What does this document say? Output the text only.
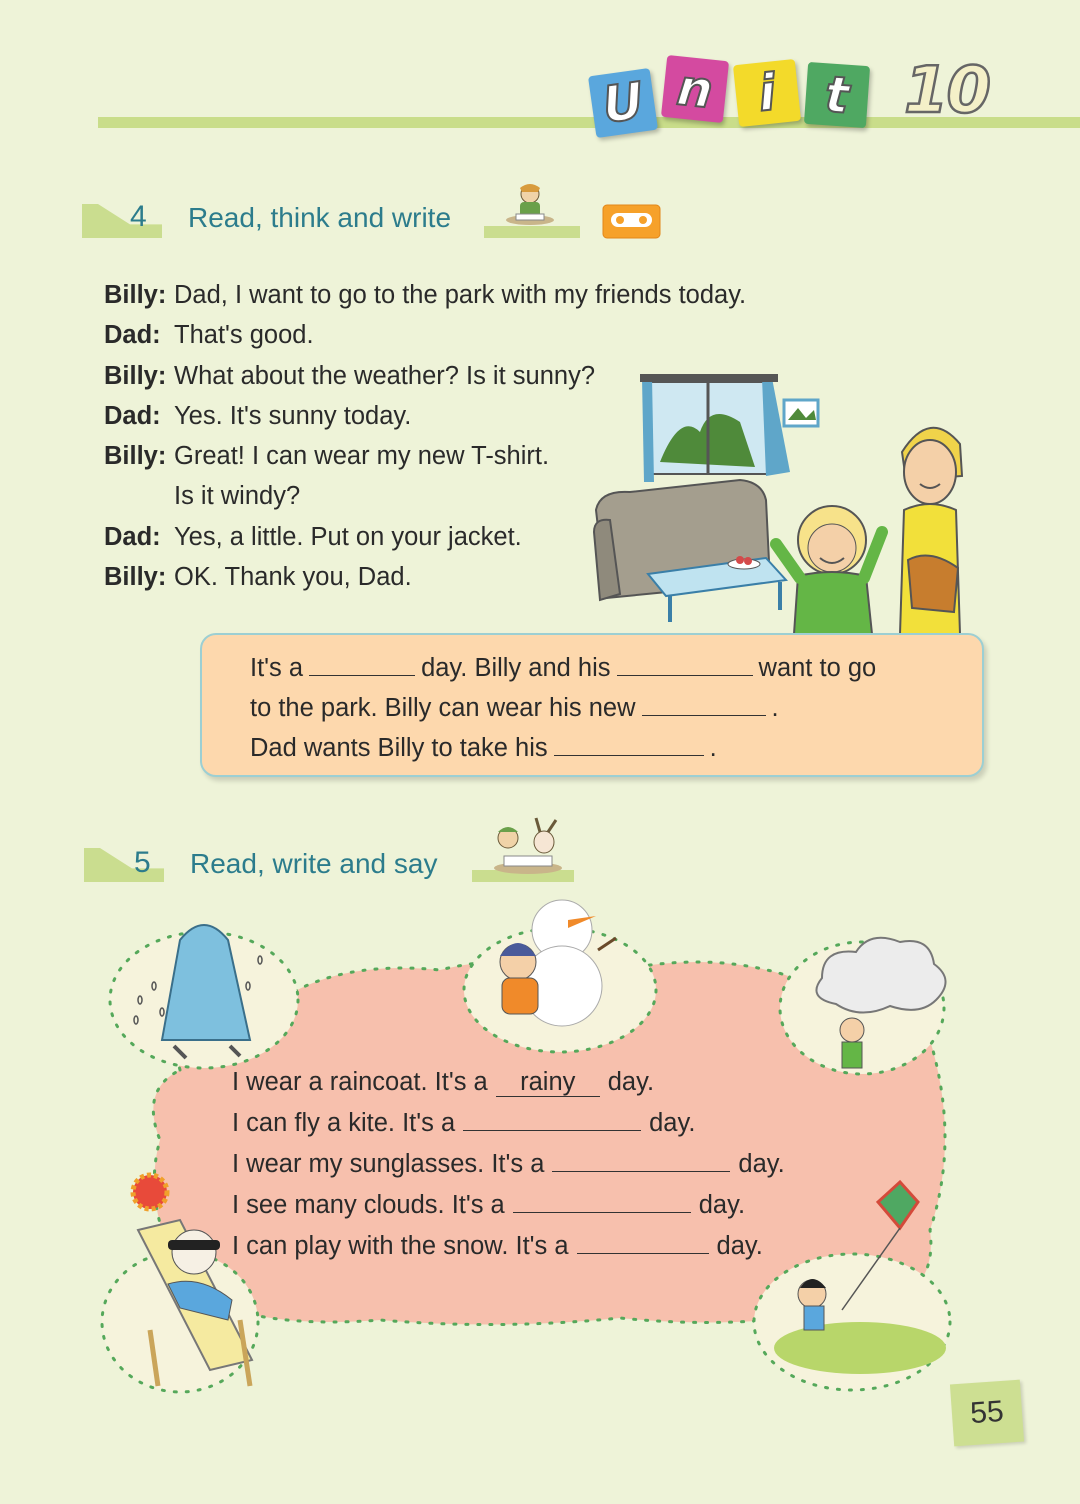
U n i t 10
4 Read, think and write
Billy: Dad, I want to go to the park with my friends today.
Dad: That's good.
Billy: What about the weather? Is it sunny?
Dad: Yes. It's sunny today.
Billy: Great! I can wear my new T-shirt.
Is it windy?
Dad: Yes, a little. Put on your jacket.
Billy: OK. Thank you, Dad.
It's a	day. Billy and his	want to go
to the park. Billy can wear his new	.
Dad wants Billy to take his	.
5 Read, write and say
I wear a raincoat. It's a rainy day.
I can fly a kite. It's a	day.
I wear my sunglasses. It's a	day.
I see many clouds. It's a	day.
I can play with the snow. It's a	day.
55
